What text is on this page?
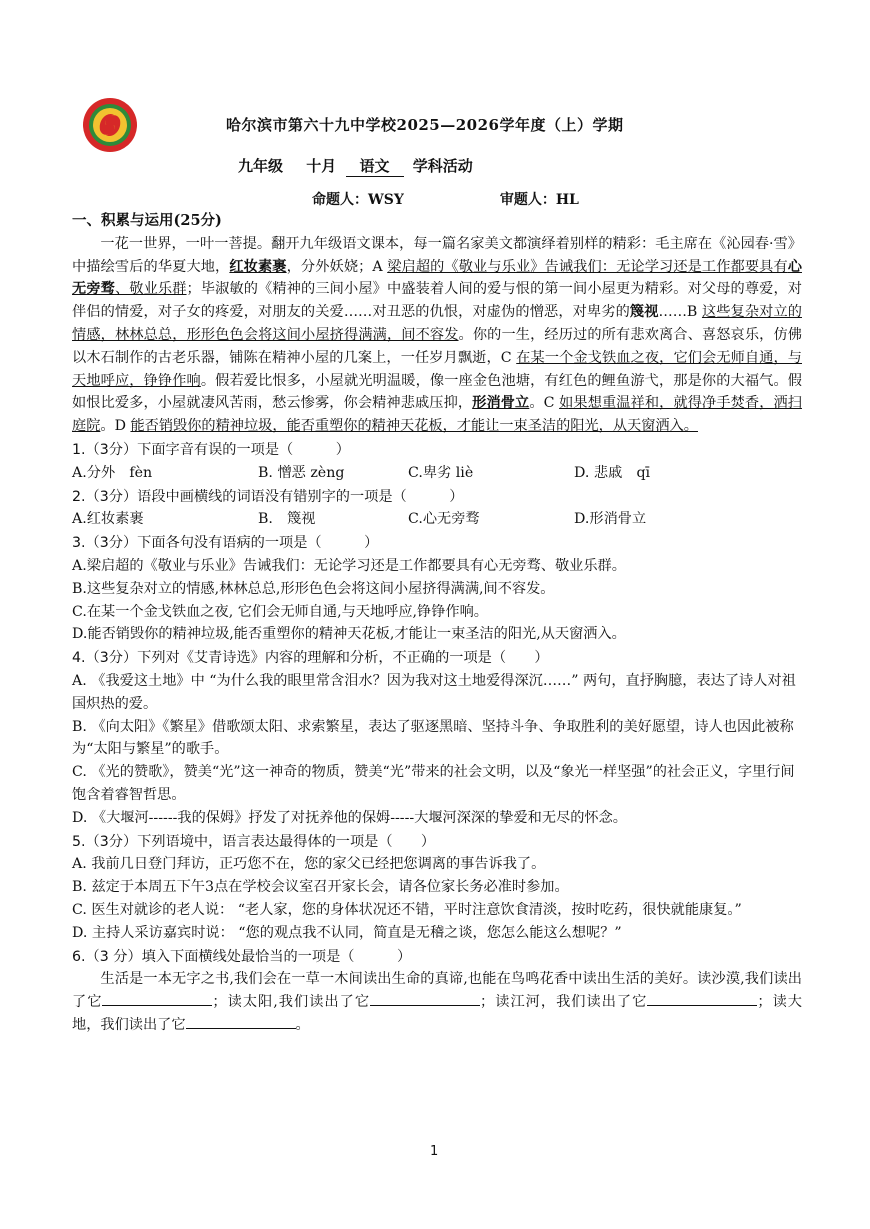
哈尔滨市第六十九中学校2025—2026学年度（上）学期
九年级 十月 语文 学科活动
命题人：WSY	审题人：HL
一、积累与运用(25分)
一花一世界，一叶一菩提。翻开九年级语文课本，每一篇名家美文都演绎着别样的精彩：毛主席在《沁园春·雪》中描绘雪后的华夏大地，红妆素裹，分外妖娆；A 梁启超的《敬业与乐业》告诫我们：无论学习还是工作都要具有心无旁骛、敬业乐群；毕淑敏的《精神的三间小屋》中盛装着人间的爱与恨的第一间小屋更为精彩。对父母的尊爱，对伴侣的情爱，对子女的疼爱，对朋友的关爱……对丑恶的仇恨，对虚伪的憎恶，对卑劣的篾视……B 这些复杂对立的情感，林林总总，形形色色会将这间小屋挤得满满，间不容发。你的一生，经历过的所有悲欢离合、喜怒哀乐，仿佛以木石制作的古老乐器，铺陈在精神小屋的几案上，一任岁月飘逝，C 在某一个金戈铁血之夜，它们会无师自通，与天地呼应，铮铮作响。假若爱比恨多，小屋就光明温暖，像一座金色池塘，有红色的鲤鱼游弋，那是你的大福气。假如恨比爱多，小屋就凄风苦雨，愁云惨雾，你会精神悲戚压抑，形消骨立。C 如果想重温祥和，就得净手焚香，洒扫庭院。D 能否销毁你的精神垃圾，能否重塑你的精神天花板，才能让一束圣洁的阳光，从天窗洒入。
1.（3分）下面字音有误的一项是（　　　）
A.分外　fèn	B. 憎恶 zèng	C.卑劣 liè	D. 悲戚　qī
2.（3分）语段中画横线的词语没有错别字的一项是（　　　）
A.红妆素裹	B.　篾视	C.心无旁骛	D.形消骨立
3.（3分）下面各句没有语病的一项是（　　　）
A.梁启超的《敬业与乐业》告诫我们：无论学习还是工作都要具有心无旁骛、敬业乐群。
B.这些复杂对立的情感,林林总总,形形色色会将这间小屋挤得满满,间不容发。
C.在某一个金戈铁血之夜, 它们会无师自通,与天地呼应,铮铮作响。
D.能否销毁你的精神垃圾,能否重塑你的精神天花板,才能让一束圣洁的阳光,从天窗洒入。
4.（3分）下列对《艾青诗选》内容的理解和分析，不正确的一项是（　　）
A. 《我爱这土地》中 “为什么我的眼里常含泪水？因为我对这土地爱得深沉……” 两句，直抒胸臆，表达了诗人对祖国炽热的爱。
B. 《向太阳》《繁星》借歌颂太阳、求索繁星，表达了驱逐黑暗、坚持斗争、争取胜利的美好愿望，诗人也因此被称为“太阳与繁星”的歌手。
C. 《光的赞歌》，赞美“光”这一神奇的物质，赞美“光”带来的社会文明，以及“象光一样坚强”的社会正义，字里行间饱含着睿智哲思。
D. 《大堰河------我的保姆》抒发了对抚养他的保姆-----大堰河深深的挚爱和无尽的怀念。
5.（3分）下列语境中，语言表达最得体的一项是（　　）
A. 我前几日登门拜访，正巧您不在，您的家父已经把您调离的事告诉我了。
B. 兹定于本周五下午3点在学校会议室召开家长会，请各位家长务必准时参加。
C. 医生对就诊的老人说： “老人家，您的身体状况还不错，平时注意饮食清淡，按时吃药，很快就能康复。”
D. 主持人采访嘉宾时说： “您的观点我不认同，简直是无稽之谈，您怎么能这么想呢？”
6.（3 分）填入下面横线处最恰当的一项是（　　　）
生活是一本无字之书,我们会在一草一木间读出生命的真谛,也能在鸟鸣花香中读出生活的美好。读沙漠,我们读出了它	；读太阳,我们读出了它	；读江河，我们读出了它	；读大地，我们读出了它	。
1
